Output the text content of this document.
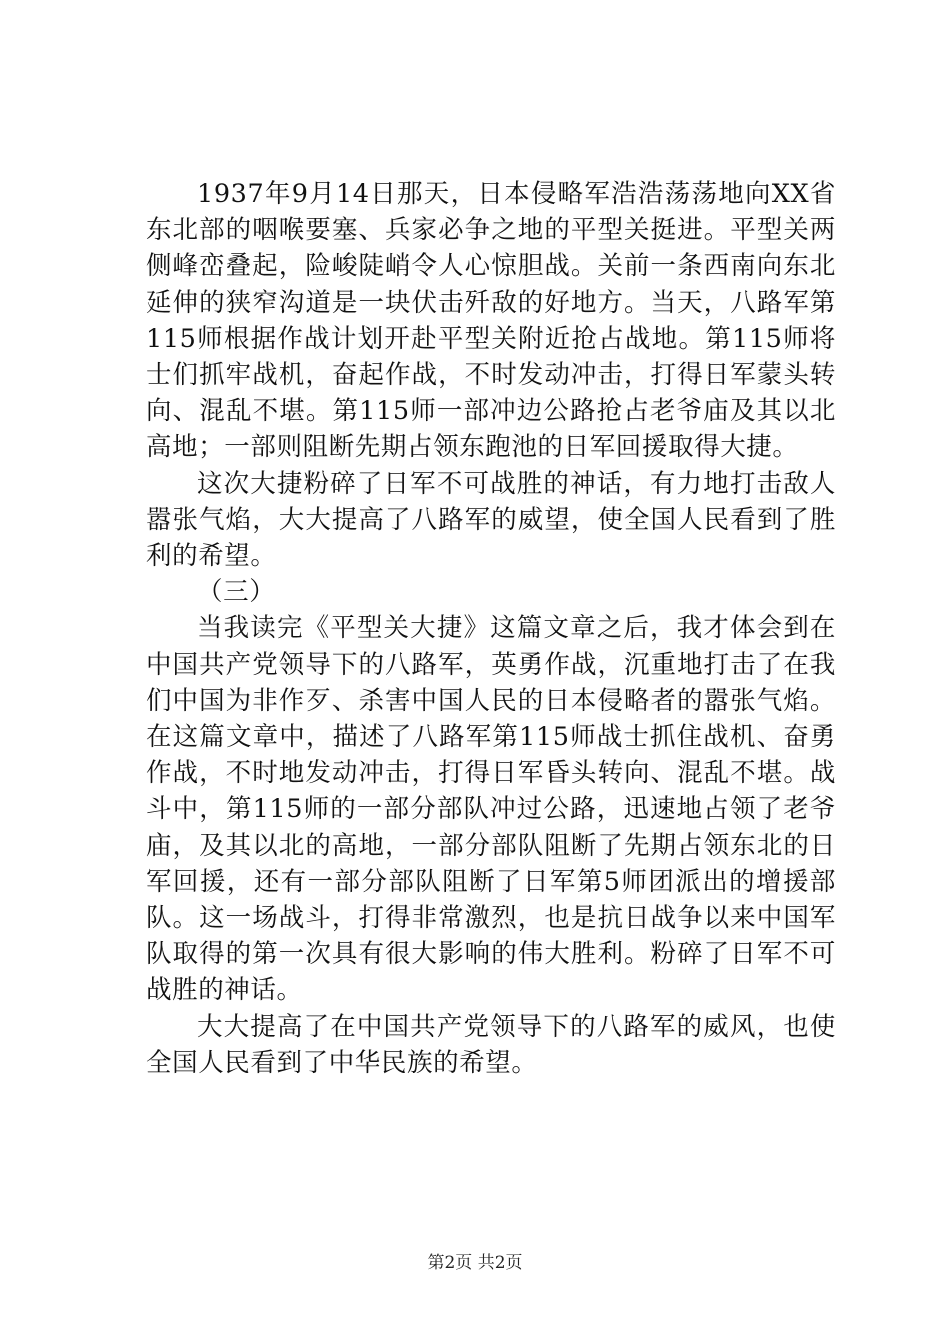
1937年9月14日那天，日本侵略军浩浩荡荡地向XX省东北部的咽喉要塞、兵家必争之地的平型关挺进。平型关两侧峰峦叠起，险峻陡峭令人心惊胆战。关前一条西南向东北延伸的狭窄沟道是一块伏击歼敌的好地方。当天，八路军第115师根据作战计划开赴平型关附近抢占战地。第115师将士们抓牢战机，奋起作战，不时发动冲击，打得日军蒙头转向、混乱不堪。第115师一部冲边公路抢占老爷庙及其以北高地；一部则阻断先期占领东跑池的日军回援取得大捷。

这次大捷粉碎了日军不可战胜的神话，有力地打击敌人嚣张气焰，大大提高了八路军的威望，使全国人民看到了胜利的希望。

（三）

当我读完《平型关大捷》这篇文章之后，我才体会到在中国共产党领导下的八路军，英勇作战，沉重地打击了在我们中国为非作歹、杀害中国人民的日本侵略者的嚣张气焰。在这篇文章中，描述了八路军第115师战士抓住战机、奋勇作战，不时地发动冲击，打得日军昏头转向、混乱不堪。战斗中，第115师的一部分部队冲过公路，迅速地占领了老爷庙，及其以北的高地，一部分部队阻断了先期占领东北的日军回援，还有一部分部队阻断了日军第5师团派出的增援部队。这一场战斗，打得非常激烈，也是抗日战争以来中国军队取得的第一次具有很大影响的伟大胜利。粉碎了日军不可战胜的神话。

大大提高了在中国共产党领导下的八路军的威风，也使全国人民看到了中华民族的希望。

第2页 共2页
